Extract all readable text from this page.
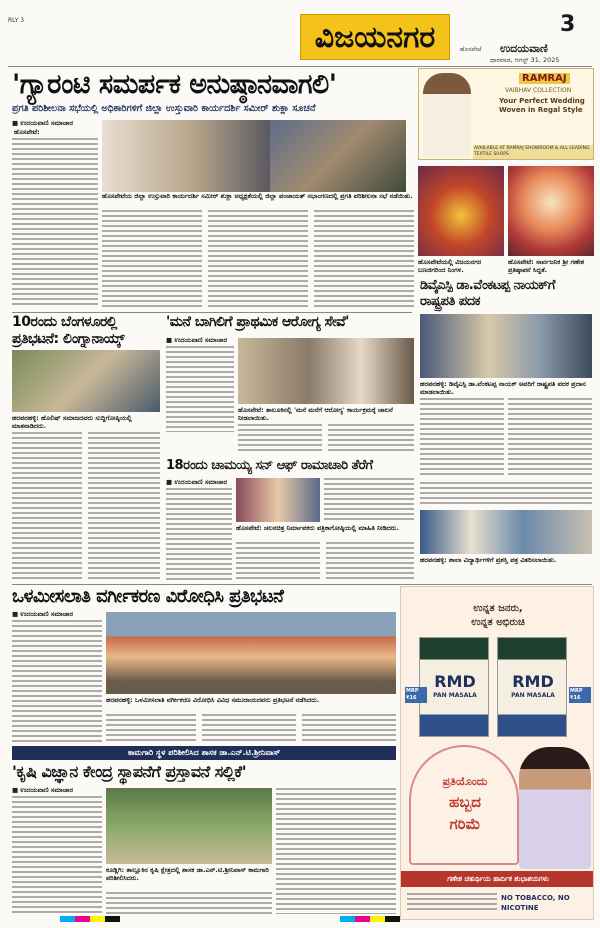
RLY 3	ವಿಜಯನಗರ	3
ಉದಯವಾಣಿ
ಹೊಸಪೇಟೆ
ಧಾರವಾಡ, ಆಗಸ್ಟ್ 31, 2025
'ಗ್ಯಾರಂಟಿ ಸಮರ್ಪಕ ಅನುಷ್ಠಾನವಾಗಲಿ'
ಪ್ರಗತಿ ಪರಿಶೀಲನಾ ಸಭೆಯಲ್ಲಿ ಅಧಿಕಾರಿಗಳಿಗೆ ಜಿಲ್ಲಾ ಉಸ್ತುವಾರಿ ಕಾರ್ಯದರ್ಶಿ ಸಮೀರ್ ಶುಕ್ಲಾ ಸೂಚನೆ
■ ಉದಯವಾಣಿ ಸಮಾಚಾರ
ಹೊಸಪೇಟೆ:
ಹೊಸಪೇಟೆಯ ಜಿಲ್ಲಾ ಉಸ್ತುವಾರಿ ಕಾರ್ಯದರ್ಶಿ ಸಮೀರ್ ಶುಕ್ಲಾ ಅಧ್ಯಕ್ಷತೆಯಲ್ಲಿ ಜಿಲ್ಲಾ ಪಂಚಾಯತ್ ಸಭಾಂಗಣದಲ್ಲಿ ಪ್ರಗತಿ ಪರಿಶೀಲನಾ ಸಭೆ ನಡೆಯಿತು.
RAMRAJ
VAIBHAV COLLECTION
Your Perfect Wedding
Woven in Regal Style
AVAILABLE AT RAMRAJ SHOWROOM & ALL LEADING TEXTILE SHOPS
ಹೊಸಪೇಟೆಯಲ್ಲಿ ವಿಜಯನಗರ ಬಣಜಿಗರಿಂದ ನಿಂಗಳ.
ಹೊಸಪೇಟೆ: ಸಾರ್ವಜನಿಕ ಶ್ರೀ ಗಣೇಶ ಪ್ರತಿಷ್ಠಾಪನೆ ಸಿದ್ಧತೆ.
ಡಿವೈಎಸ್ಪಿ ಡಾ.ವೆಂಕಟಪ್ಪ ನಾಯಕ್‌ಗೆ ರಾಷ್ಟ್ರಪತಿ ಪದಕ
ಹರಪನಹಳ್ಳಿ: ಡಿವೈಎಸ್ಪಿ ಡಾ.ವೆಂಕಟಪ್ಪ ನಾಯಕ್ ಅವರಿಗೆ ರಾಷ್ಟ್ರಪತಿ ಪದಕ ಪ್ರದಾನ ಮಾಡಲಾಯಿತು.
10ರಂದು ಬೆಂಗಳೂರಲ್ಲಿ ಪ್ರತಿಭಟನೆ: ಲಿಂಗ್ನಾನಾಯ್ಕ್
ಹರಪನಹಳ್ಳಿ: ಹೊಲಿಷ್ ಸಮಾಜದವರು ಸುದ್ದಿಗೋಷ್ಠಿಯಲ್ಲಿ ಮಾತನಾಡಿದರು.
'ಮನೆ ಬಾಗಿಲಿಗೆ ಪ್ರಾಥಮಿಕ ಆರೋಗ್ಯ ಸೇವೆ'
■ ಉದಯವಾಣಿ ಸಮಾಚಾರ
ಹೊಸಪೇಟೆ: ತಾಲೂಕಿನಲ್ಲಿ 'ಮನೆ ಮನೆಗೆ ಆರೋಗ್ಯ' ಕಾರ್ಯಕ್ರಮಕ್ಕೆ ಚಾಲನೆ ನೀಡಲಾಯಿತು.
18ರಂದು ಚಾಮಯ್ಯ ಸನ್ ಆಫ್ ರಾಮಾಚಾರಿ ತೆರೆಗೆ
■ ಉದಯವಾಣಿ ಸಮಾಚಾರ
ಹೊಸಪೇಟೆ: ಚಲನಚಿತ್ರ ನಿರ್ಮಾಪಕರು ಪತ್ರಿಕಾಗೋಷ್ಠಿಯಲ್ಲಿ ಮಾಹಿತಿ ನೀಡಿದರು.
ಹರಪನಹಳ್ಳಿ: ಶಾಲಾ ವಿದ್ಯಾರ್ಥಿಗಳಿಗೆ ಪ್ರಶಸ್ತಿ ಪತ್ರ ವಿತರಿಸಲಾಯಿತು.
ಒಳಮೀಸಲಾತಿ ವರ್ಗೀಕರಣ ವಿರೋಧಿಸಿ ಪ್ರತಿಭಟನೆ
■ ಉದಯವಾಣಿ ಸಮಾಚಾರ
ಹರಪನಹಳ್ಳಿ: ಒಳಮೀಸಲಾತಿ ವರ್ಗೀಕರಣ ವಿರೋಧಿಸಿ ವಿವಿಧ ಸಮುದಾಯದವರು ಪ್ರತಿಭಟನೆ ನಡೆಸಿದರು.
ಕಾಮಗಾರಿ ಸ್ಥಳ ಪರಿಶೀಲಿಸಿದ ಶಾಸಕ ಡಾ.ಎನ್.ಟಿ.ಶ್ರೀನಿವಾಸ್
'ಕೃಷಿ ವಿಜ್ಞಾನ ಕೇಂದ್ರ ಸ್ಥಾಪನೆಗೆ ಪ್ರಸ್ತಾವನೆ ಸಲ್ಲಿಕೆ'
■ ಉದಯವಾಣಿ ಸಮಾಚಾರ
ಕೂಡ್ಲಿಗಿ: ತಾಲ್ಲೂಕಿನ ಕೃಷಿ ಕ್ಷೇತ್ರದಲ್ಲಿ ಶಾಸಕ ಡಾ.ಎನ್.ಟಿ.ಶ್ರೀನಿವಾಸ್ ಕಾಮಗಾರಿ ಪರಿಶೀಲಿಸಿದರು.
ಉನ್ನತ ಜನರು,
ಉನ್ನತ ಅಭಿರುಚಿ
RMD
PAN MASALA
RMD
PAN MASALA
MRP ₹16
MRP ₹16
ಪ್ರತಿಯೊಂದು
ಹಬ್ಬದ
ಗರಿಮೆ
ಗಣೇಶ ಚತುರ್ಥಿಯ ಹಾರ್ದಿಕ ಶುಭಾಶಯಗಳು
NO TOBACCO, NO NICOTINE
